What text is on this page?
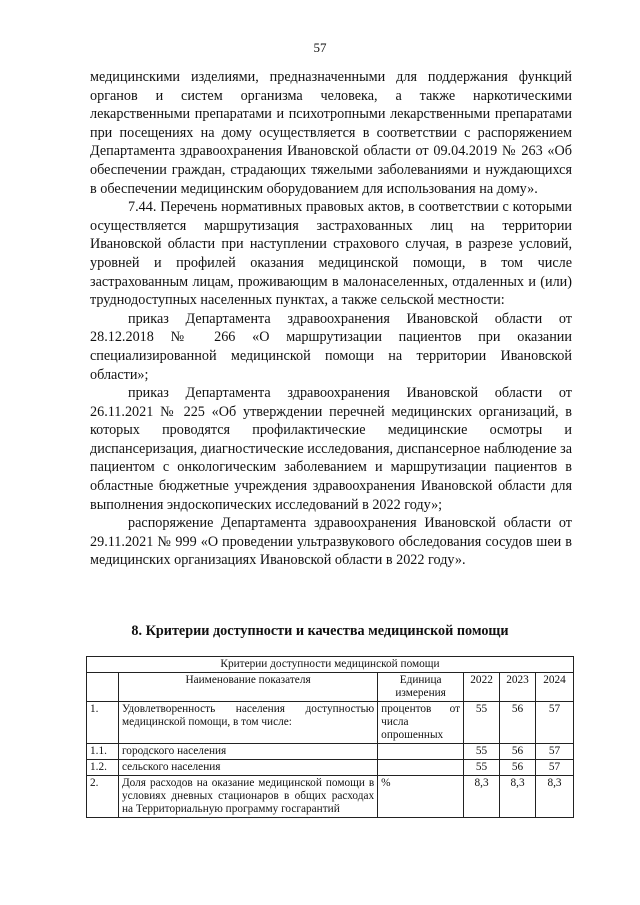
57

медицинскими изделиями, предназначенными для поддержания функций органов и систем организма человека, а также наркотическими лекарственными препаратами и психотропными лекарственными препаратами при посещениях на дому осуществляется в соответствии с распоряжением Департамента здравоохранения Ивановской области от 09.04.2019 № 263 «Об обеспечении граждан, страдающих тяжелыми заболеваниями и нуждающихся в обеспечении медицинским оборудованием для использования на дому».

7.44. Перечень нормативных правовых актов, в соответствии с которыми осуществляется маршрутизация застрахованных лиц на территории Ивановской области при наступлении страхового случая, в разрезе условий, уровней и профилей оказания медицинской помощи, в том числе застрахованным лицам, проживающим в малонаселенных, отдаленных и (или) труднодоступных населенных пунктах, а также сельской местности:

приказ Департамента здравоохранения Ивановской области от 28.12.2018 № 266 «О маршрутизации пациентов при оказании специализированной медицинской помощи на территории Ивановской области»;

приказ Департамента здравоохранения Ивановской области от 26.11.2021 № 225 «Об утверждении перечней медицинских организаций, в которых проводятся профилактические медицинские осмотры и диспансеризация, диагностические исследования, диспансерное наблюдение за пациентом с онкологическим заболеванием и маршрутизации пациентов в областные бюджетные учреждения здравоохранения Ивановской области для выполнения эндоскопических исследований в 2022 году»;

распоряжение Департамента здравоохранения Ивановской области от 29.11.2021 № 999 «О проведении ультразвукового обследования сосудов шеи в медицинских организациях Ивановской области в 2022 году».

8. Критерии доступности и качества медицинской помощи
Критерии доступности медицинской помощи					
	Наименование показателя	Единица измерения	2022	2023	2024
1.	Удовлетворенность населения доступностью медицинской помощи, в том числе:	процентов от числа опрошенных	55	56	57
1.1.	городского населения		55	56	57
1.2.	сельского населения		55	56	57
2.	Доля расходов на оказание медицинской помощи в условиях дневных стационаров в общих расходах на Территориальную программу госгарантий	%	8,3	8,3	8,3
